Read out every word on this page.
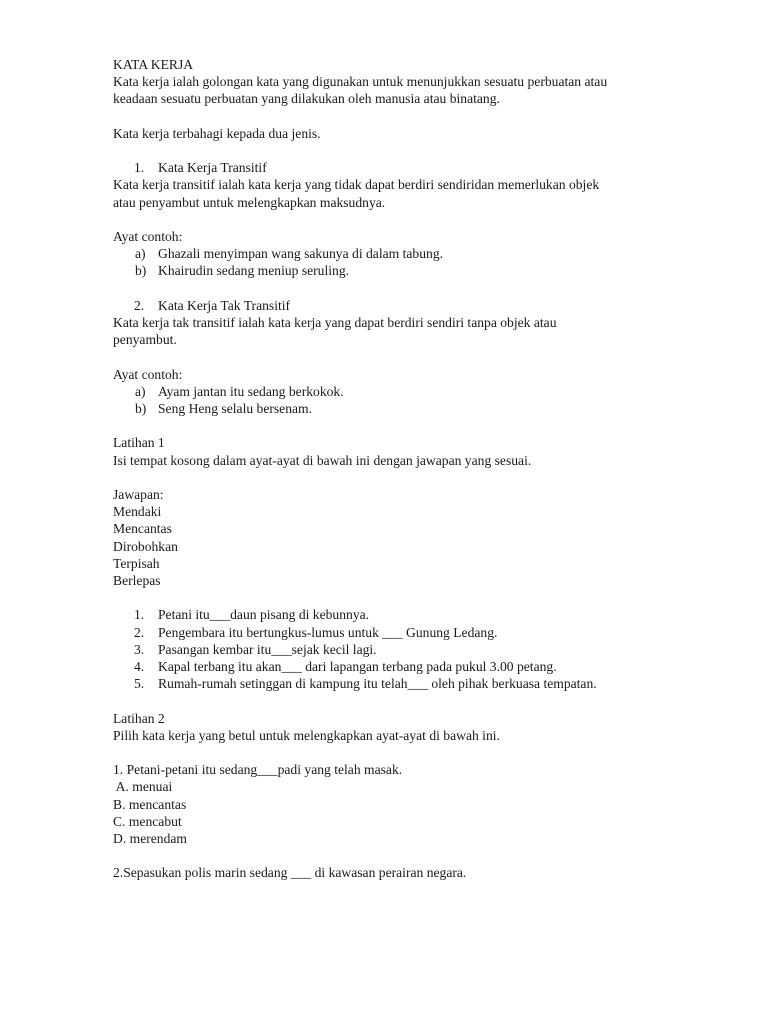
KATA KERJA
Kata kerja ialah golongan kata yang digunakan untuk menunjukkan sesuatu perbuatan atau
keadaan sesuatu perbuatan yang dilakukan oleh manusia atau binatang.
Kata kerja terbahagi kepada dua jenis.
1. Kata Kerja Transitif
Kata kerja transitif ialah kata kerja yang tidak dapat berdiri sendiridan memerlukan objek
atau penyambut untuk melengkapkan maksudnya.
Ayat contoh:
a) Ghazali menyimpan wang sakunya di dalam tabung.
b) Khairudin sedang meniup seruling.
2. Kata Kerja Tak Transitif
Kata kerja tak transitif ialah kata kerja yang dapat berdiri sendiri tanpa objek atau
penyambut.
Ayat contoh:
a) Ayam jantan itu sedang berkokok.
b) Seng Heng selalu bersenam.
Latihan 1
Isi tempat kosong dalam ayat-ayat di bawah ini dengan jawapan yang sesuai.
Jawapan:
Mendaki
Mencantas
Dirobohkan
Terpisah
Berlepas
1. Petani itu___daun pisang di kebunnya.
2. Pengembara itu bertungkus-lumus untuk ___ Gunung Ledang.
3. Pasangan kembar itu___sejak kecil lagi.
4. Kapal terbang itu akan___ dari lapangan terbang pada pukul 3.00 petang.
5. Rumah-rumah setinggan di kampung itu telah___ oleh pihak berkuasa tempatan.
Latihan 2
Pilih kata kerja yang betul untuk melengkapkan ayat-ayat di bawah ini.
1. Petani-petani itu sedang___padi yang telah masak.
A. menuai
B. mencantas
C. mencabut
D. merendam
2.Sepasukan polis marin sedang ___ di kawasan perairan negara.
